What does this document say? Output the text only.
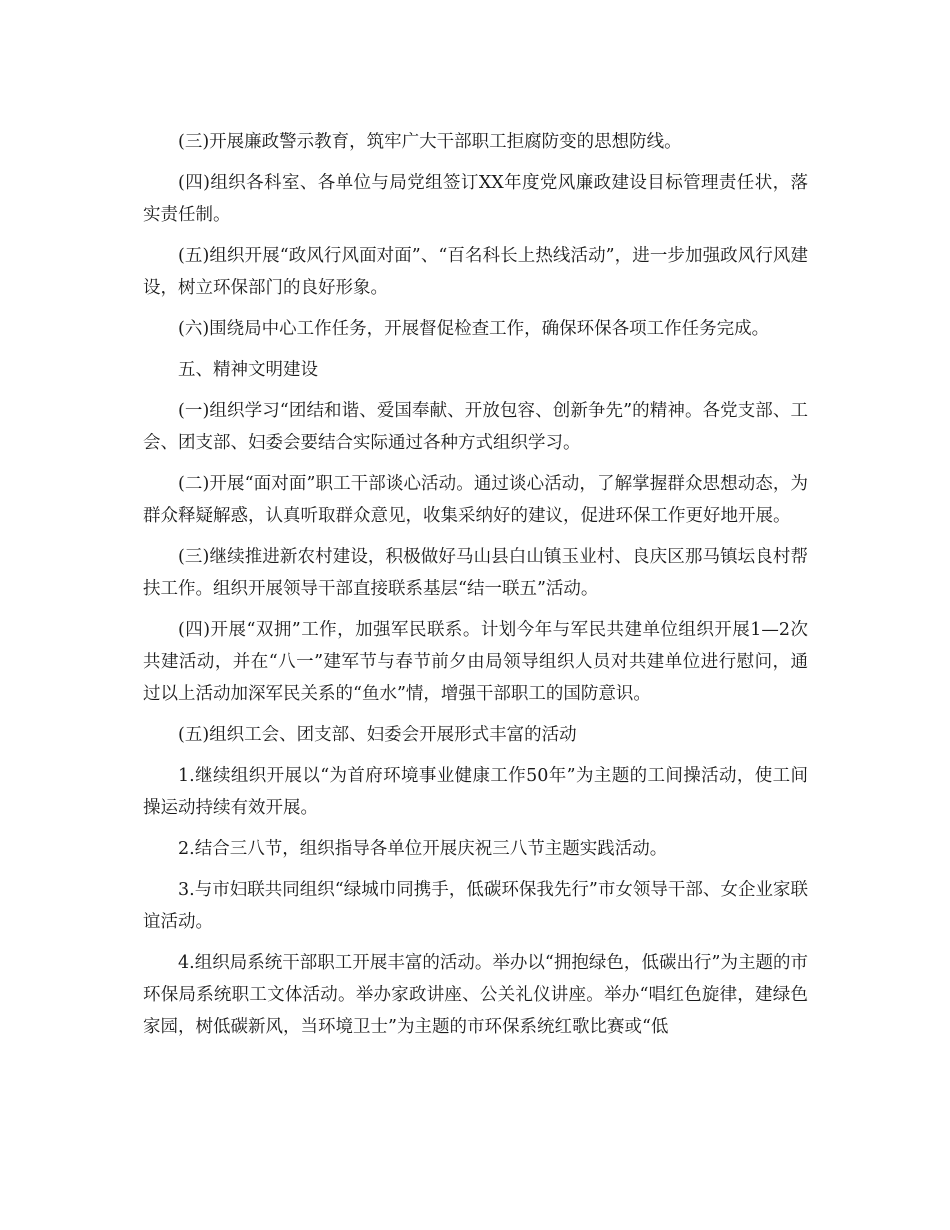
(三)开展廉政警示教育，筑牢广大干部职工拒腐防变的思想防线。

(四)组织各科室、各单位与局党组签订XX年度党风廉政建设目标管理责任状，落实责任制。

(五)组织开展“政风行风面对面”、“百名科长上热线活动”，进一步加强政风行风建设，树立环保部门的良好形象。

(六)围绕局中心工作任务，开展督促检查工作，确保环保各项工作任务完成。

五、精神文明建设

(一)组织学习“团结和谐、爱国奉献、开放包容、创新争先”的精神。各党支部、工会、团支部、妇委会要结合实际通过各种方式组织学习。

(二)开展“面对面”职工干部谈心活动。通过谈心活动，了解掌握群众思想动态，为群众释疑解惑，认真听取群众意见，收集采纳好的建议，促进环保工作更好地开展。

(三)继续推进新农村建设，积极做好马山县白山镇玉业村、良庆区那马镇坛良村帮扶工作。组织开展领导干部直接联系基层“结一联五”活动。

(四)开展“双拥”工作，加强军民联系。计划今年与军民共建单位组织开展1—2次共建活动，并在“八一”建军节与春节前夕由局领导组织人员对共建单位进行慰问，通过以上活动加深军民关系的“鱼水”情，增强干部职工的国防意识。

(五)组织工会、团支部、妇委会开展形式丰富的活动

1.继续组织开展以“为首府环境事业健康工作50年”为主题的工间操活动，使工间操运动持续有效开展。

2.结合三八节，组织指导各单位开展庆祝三八节主题实践活动。

3.与市妇联共同组织“绿城巾同携手，低碳环保我先行”市女领导干部、女企业家联谊活动。

4.组织局系统干部职工开展丰富的活动。举办以“拥抱绿色，低碳出行”为主题的市环保局系统职工文体活动。举办家政讲座、公关礼仪讲座。举办“唱红色旋律，建绿色家园，树低碳新风，当环境卫士”为主题的市环保系统红歌比赛或“低
